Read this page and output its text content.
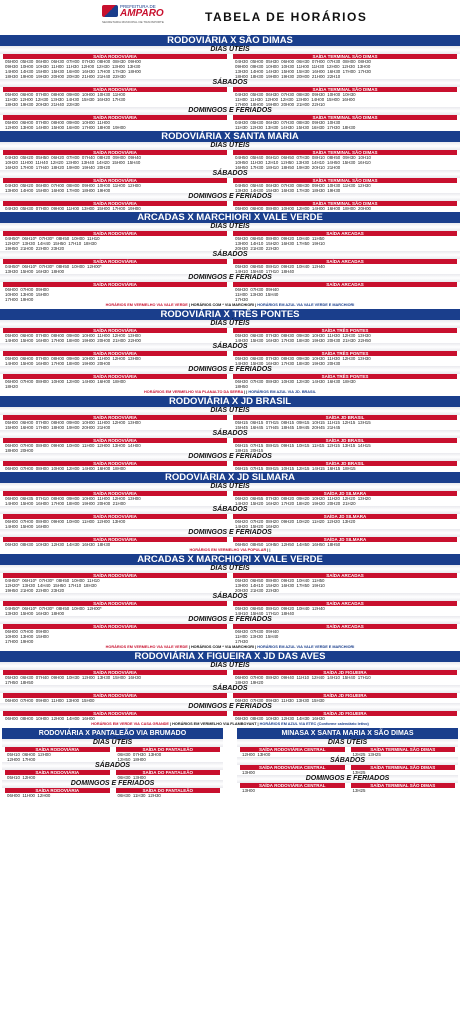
PREFEITURA DE
AMPARO
SECRETARIA MUNICIPAL DE TRANSPORTE	TABELA DE HORÁRIOS
RODOVIÁRIA X SÃO DIMAS
DIAS ÚTEIS
SAÍDA RODOVIÁRIA
05H00  05H30  06H00  06H30  07H00  07H30  08H00  08H30  09H00
09H30  10H00  10H30  11H00  11H30  12H00  12H30  13H00  13H30
14H00  14H30  15H00  15H30  16H00  16H30  17H00  17H30  18H00
18H30  19H00  19H30  20H00  20H30  21H00  21H40  22H30
SAÍDA TERMINAL SÃO DIMAS
04H30  05H00  05H30  06H00  06H30  07H00  07H30  08H00  08H30
09H00  09H30  10H00  10H30  11H00  11H30  12H00  12H30  13H00
13H30  14H00  14H30  15H00  15H30  16H00  16H30  17H00  17H30
18H00  18H30  19H00  19H30  20H00  21H00  22H10
SÁBADOS
SAÍDA RODOVIÁRIA
05H00  06H00  07H00  08H00  09H00  10H00  10H30  11H00
11H30  12H00  12H30  13H30  14H30  15H30  16H30  17H30
18H30  19H30  20H30  21H40  22H30
SAÍDA TERMINAL SÃO DIMAS
04H30  05H30  06H30  07H30  08H30  09H30  10H00  10H30
11H00  11H30  12H00  12H30  13H00  14H00  15H00  16H00
17H00  18H00  19H00  20H00  21H00  22H10
DOMINGOS E FERIADOS
SAÍDA RODOVIÁRIA
05H00  06H00  07H00  08H00  09H00  10H00  11H00
12H00  13H00  14H00  15H00  16H00  17H00  18H00  19H00
SAÍDA TERMINAL SÃO DIMAS
04H30  05H30  06H30  07H30  08H30  09H30  10H30
11H30  12H30  13H30  14H30  15H30  16H30  17H30  18H30
RODOVIÁRIA X SANTA MARIA
DIAS ÚTEIS
SAÍDA RODOVIÁRIA
04H30  05H20  05H50  06H20  07H00  07H40  08H20  09H00  09H40
10H20  11H00  11H40  12H20  13H00  13H40  14H20  15H00  15H40
16H20  17H00  17H40  18H20  19H00  19H40  20H20
SAÍDA TERMINAL SÃO DIMAS
04H50  05H40  06H10  06H50  07H30  08H10  08H50  09H30  10H10
10H50  11H30  12H10  12H50  13H30  14H10  14H50  15H30  16H10
16H50  17H30  18H10  18H50  19H30  20H10  21H00
SÁBADOS
SAÍDA RODOVIÁRIA
04H30  05H20  06H00  07H00  08H00  09H00  10H00  11H00  12H00
13H00  14H00  15H00  16H00  17H00  18H00  19H00
SAÍDA TERMINAL SÃO DIMAS
04H50  05H40  06H30  07H30  08H30  09H30  10H30  11H30  12H30
13H30  14H30  15H30  16H30  17H30  18H30  19H30
DOMINGOS E FERIADOS
SAÍDA RODOVIÁRIA
04H30  05H30  07H00  09H00  11H00  13H00  15H00  17H00  19H00
SAÍDA TERMINAL SÃO DIMAS
05H00  06H00  08H00  10H00  12H00  14H00  16H00  18H00  20H00
ARCADAS X MARCHIORI X VALE VERDE
DIAS ÚTEIS
SAÍDA RODOVIÁRIA
04H50*  06H10*  07H30*  08H50  10H00  11H10
12H20*  13H30  14H40  15H50  17H10  18H30
19H50  21H00  22H00  23H20
SAÍDA ARCADAS
05H30  06H50  08H00  09H20  10H40  11H50
13H00  14H10  15H20  16H30  17H50  19H10
20H30  21H30  22H30
SÁBADOS
SAÍDA RODOVIÁRIA
04H50*  06H10*  07H30*  08H50  10H00  12H00*
13H30  15H00  16H30  18H00
SAÍDA ARCADAS
05H30  06H50  08H10  09H20  10H40  12H40
14H10  15H40  17H10  18H40
DOMINGOS E FERIADOS
SAÍDA RODOVIÁRIA
06H00  07H00  09H00
10H00  13H00  15H00
17H00  19H00
SAÍDA ARCADAS
06H30  07H30  09H40
11H00  13H30  15H40
17H30
HORÁRIOS EM VERMELHO VIA VALE VERDE | HORÁRIOS COM * VIA MARCHIORI | HORÁRIOS EM AZUL VIA VALE VERDE E MARCHIORI
RODOVIÁRIA X TRÊS PONTES
DIAS ÚTEIS
SAÍDA RODOVIÁRIA
05H00  06H00  07H00  08H00  09H00  10H00  11H00  12H00  13H00
14H00  15H00  16H00  17H00  18H00  19H00  20H00  21H00  22H00
SAÍDA TRÊS PONTES
05H30  06H30  07H30  08H30  09H30  10H30  11H30  12H30  13H30
14H30  15H30  16H30  17H30  18H30  19H30  20H30  21H30  22H50
SÁBADOS
SAÍDA RODOVIÁRIA
05H00  06H00  07H00  08H00  09H00  10H00  11H00  12H00  13H00
14H00  15H00  16H00  17H00  18H00  19H00  20H00
SAÍDA TRÊS PONTES
05H30  06H30  07H30  08H30  09H30  10H30  11H30  12H30  13H30
14H30  15H30  16H30  17H30  18H30  19H30  20H30
DOMINGOS E FERIADOS
SAÍDA RODOVIÁRIA
06H00  07H00  08H00  10H00  12H00  14H00  16H00  18H00
18H20
SAÍDA TRÊS PONTES
06H30  07H30  08H30  10H30  12H30  14H30  16H30  18H30
18H50
HORÁRIOS EM VERMELHO VIA PLANALTO DA SERRA | | HORÁRIOS EM AZUL VIA JD. BRASIL
RODOVIÁRIA X JD BRASIL
DIAS ÚTEIS
SAÍDA RODOVIÁRIA
05H00  06H00  07H00  08H00  09H00  10H00  11H00  12H00  13H00
15H00  16H00  17H00  18H00  19H00  20H00  21H00
SAÍDA JD BRASIL
05H15  06H15  07H15  08H15  09H15  10H15  11H15  12H15  13H15
15H45  16H45  17H45  18H45  19H45  20H45  21H45
SÁBADOS
SAÍDA RODOVIÁRIA
06H00  07H00  08H00  09H00  10H00  11H00  12H00  13H00  14H00
18H00  20H00
SAÍDA JD BRASIL
06H15  07H15  08H15  09H15  10H15  11H15  12H15  13H15  14H15
18H15  20H15
DOMINGOS E FERIADOS
SAÍDA RODOVIÁRIA
06H00  07H00  08H00  10H00  12H00  14H00  16H00  18H00
SAÍDA JD BRASIL
06H15  07H15  08H15  10H15  12H15  14H15  16H15  18H15
RODOVIÁRIA X JD SILMARA
DIAS ÚTEIS
SAÍDA RODOVIÁRIA
06H00  06H35  07H10  08H00  09H00  10H00  11H00  12H00  13H00
14H00  15H00  16H00  17H00  18H00  19H00  20H00  21H00
SAÍDA JD SILMARA
06H20  06H55  07H30  08H20  09H20  10H20  11H20  12H20  13H20
14H20  15H20  16H20  17H20  18H20  19H20  20H20  21H20
SÁBADOS
SAÍDA RODOVIÁRIA
06H00  07H00  08H00  09H00  10H00  11H00  12H00  13H00
14H00  15H00  16H00
SAÍDA JD SILMARA
06H20  07H20  08H20  09H20  10H20  11H20  12H20  13H20
14H20  15H20  16H20
DOMINGOS E FERIADOS
SAÍDA RODOVIÁRIA
06H30  08H30  10H30  12H30  14H30  16H30  18H30
SAÍDA JD SILMARA
06H50  08H50  10H50  12H50  14H50  16H50  18H50
HORÁRIOS EM VERMELHO VIA POPULAR | |
ARCADAS X MARCHIORI X VALE VERDE
DIAS ÚTEIS
SAÍDA RODOVIÁRIA
04H50*  06H10*  07H30*  08H50  10H00  11H10
12H20*  13H30  14H40  15H50  17H10  18H30
19H50  21H00  22H00  23H20
SAÍDA ARCADAS
05H30  06H50  08H00  09H20  10H40  11H50
13H00  14H10  15H20  16H30  17H50  19H10
20H30  21H30  22H30
SÁBADOS
SAÍDA RODOVIÁRIA
04H50*  06H10*  07H30*  08H50  10H00  12H00*
13H30  15H00  16H30  18H00
SAÍDA ARCADAS
05H30  06H50  08H10  09H20  10H40  12H40
14H10  15H40  17H10  18H40
DOMINGOS E FERIADOS
SAÍDA RODOVIÁRIA
06H00  07H00  09H00
10H00  13H00  15H00
17H00  19H00
SAÍDA ARCADAS
06H30  07H30  09H40
11H00  13H30  15H40
17H30
HORÁRIOS EM VERMELHO VIA VALE VERDE | HORÁRIOS COM * VIA MARCHIORI | HORÁRIOS EM AZUL VIA VALE VERDE E MARCHIORI
RODOVIÁRIA X FIGUEIRA X JD DAS AVES
DIAS ÚTEIS
SAÍDA RODOVIÁRIA
05H30  06H30  07H40  09H00  10H30  12H00  13H30  15H00  16H30
17H50  18H50
SAÍDA JD FIGUEIRA
06H00  07H00  08H20  09H40  11H10  12H40  14H10  15H40  17H10
18H20  19H20
SÁBADOS
SAÍDA RODOVIÁRIA
06H00  07H00  09H00  11H00  13H00  15H00
SAÍDA JD FIGUEIRA
06H30  07H30  09H30  11H30  13H30  15H30
DOMINGOS E FERIADOS
SAÍDA RODOVIÁRIA
06H00  08H00  10H00  12H00  14H00  16H00
SAÍDA JD FIGUEIRA
06H30  08H30  10H30  12H30  14H30  16H30
HORÁRIOS EM VERDE VIA CASA GRANDE | HORÁRIOS EM VERMELHO VIA FLAMBOYANT | HORÁRIOS EM AZUL VIA ETEC (Conforme calendário letivo)
RODOVIÁRIA X PANTALEÃO VIA BRUMADO
DIAS ÚTEIS
SAÍDA RODOVIÁRIA
05H10  06H00  12H00
12H00  17H00
SAÍDA DO PANTALEÃO
06H30  07H30  13H00
12H50  18H00
SÁBADOS
SAÍDA RODOVIÁRIA
05H10  12H00
SAÍDA DO PANTALEÃO
06H30  13H00
DOMINGOS E FERIADOS
SAÍDA RODOVIÁRIA
06H00  11H00  12H00
SAÍDA DO PANTALEÃO
06H30  11H30  12H30
MINASA X SANTA MARIA X SÃO DIMAS
DIAS ÚTEIS
SAÍDA RODOVIÁRIA CENTRAL
12H00  13H00
SAÍDA TERMINAL SÃO DIMAS
12H25  13H25
SÁBADOS
SAÍDA RODOVIÁRIA CENTRAL
13H00
SAÍDA TERMINAL SÃO DIMAS
13H25
DOMINGOS E FERIADOS
SAÍDA RODOVIÁRIA CENTRAL
13H00
SAÍDA TERMINAL SÃO DIMAS
13H25
